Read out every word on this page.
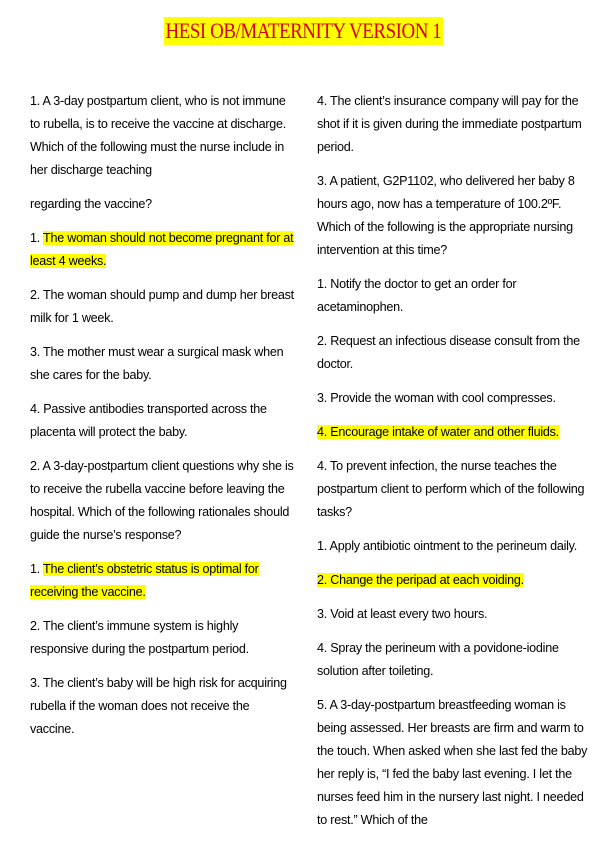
HESI OB/MATERNITY VERSION 1

1. A 3-day postpartum client, who is not immune to rubella, is to receive the vaccine at discharge. Which of the following must the nurse include in her discharge teaching

regarding the vaccine?

1. The woman should not become pregnant for at least 4 weeks.

2. The woman should pump and dump her breast milk for 1 week.

3. The mother must wear a surgical mask when she cares for the baby.

4. Passive antibodies transported across the placenta will protect the baby.

2. A 3-day-postpartum client questions why she is to receive the rubella vaccine before leaving the hospital. Which of the following rationales should guide the nurse’s response?

1. The client’s obstetric status is optimal for receiving the vaccine.

2. The client’s immune system is highly responsive during the postpartum period.

3. The client’s baby will be high risk for acquiring rubella if the woman does not receive the vaccine.

4. The client’s insurance company will pay for the shot if it is given during the immediate postpartum period.

3. A patient, G2P1102, who delivered her baby 8 hours ago, now has a temperature of 100.2ºF. Which of the following is the appropriate nursing intervention at this time?

1. Notify the doctor to get an order for acetaminophen.

2. Request an infectious disease consult from the doctor.

3. Provide the woman with cool compresses.

4. Encourage intake of water and other fluids.

4. To prevent infection, the nurse teaches the postpartum client to perform which of the following tasks?

1. Apply antibiotic ointment to the perineum daily.

2. Change the peripad at each voiding.

3. Void at least every two hours.

4. Spray the perineum with a povidone-iodine solution after toileting.

5. A 3-day-postpartum breastfeeding woman is being assessed. Her breasts are firm and warm to the touch. When asked when she last fed the baby her reply is, “I fed the baby last evening. I let the nurses feed him in the nursery last night. I needed to rest.” Which of the
